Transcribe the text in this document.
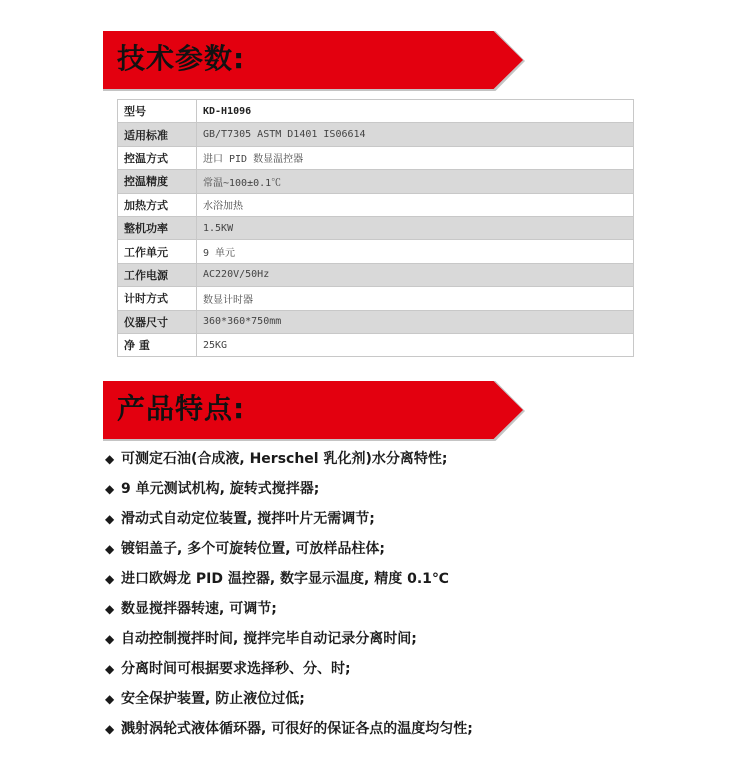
技术参数:
型号	KD-H1096
适用标准	GB/T7305 ASTM D1401 IS06614
控温方式	进口 PID 数显温控器
控温精度	常温~100±0.1℃
加热方式	水浴加热
整机功率	1.5KW
工作单元	9 单元
工作电源	AC220V/50Hz
计时方式	数显计时器
仪器尺寸	360*360*750mm
净 重	25KG
产品特点:
◆ 可测定石油(合成液, Herschel 乳化剂)水分离特性;
◆ 9 单元测试机构, 旋转式搅拌器;
◆ 滑动式自动定位装置, 搅拌叶片无需调节;
◆ 镀铝盖子, 多个可旋转位置, 可放样品柱体;
◆ 进口欧姆龙 PID 温控器, 数字显示温度, 精度 0.1℃
◆ 数显搅拌器转速, 可调节;
◆ 自动控制搅拌时间, 搅拌完毕自动记录分离时间;
◆ 分离时间可根据要求选择秒、分、时;
◆ 安全保护装置, 防止液位过低;
◆ 溅射涡轮式液体循环器, 可很好的保证各点的温度均匀性;
